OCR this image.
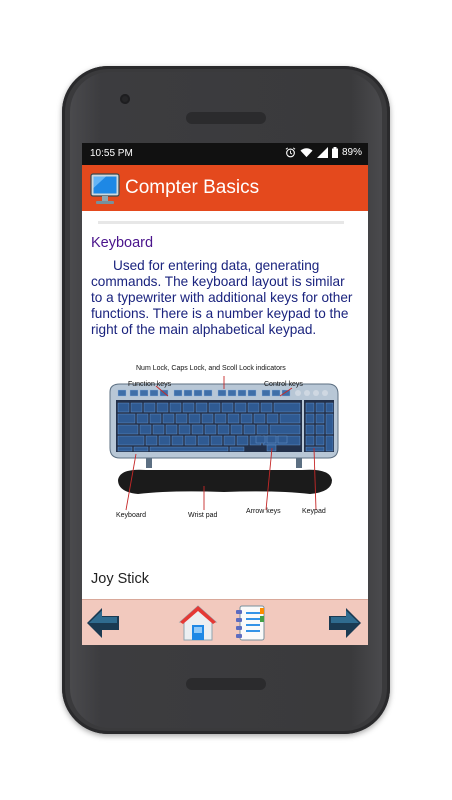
10:55 PM	89%
Compter Basics
Keyboard
Used for entering data, generating commands. The keyboard layout is similar to a typewriter with additional keys for other functions. There is a number keypad to the right of the main alphabetical keypad.
Num Lock, Caps Lock, and Scoll Lock indicators
Function keys	Control keys
Keyboard	Wrist pad
Arrow keys	Keypad
Joy Stick
